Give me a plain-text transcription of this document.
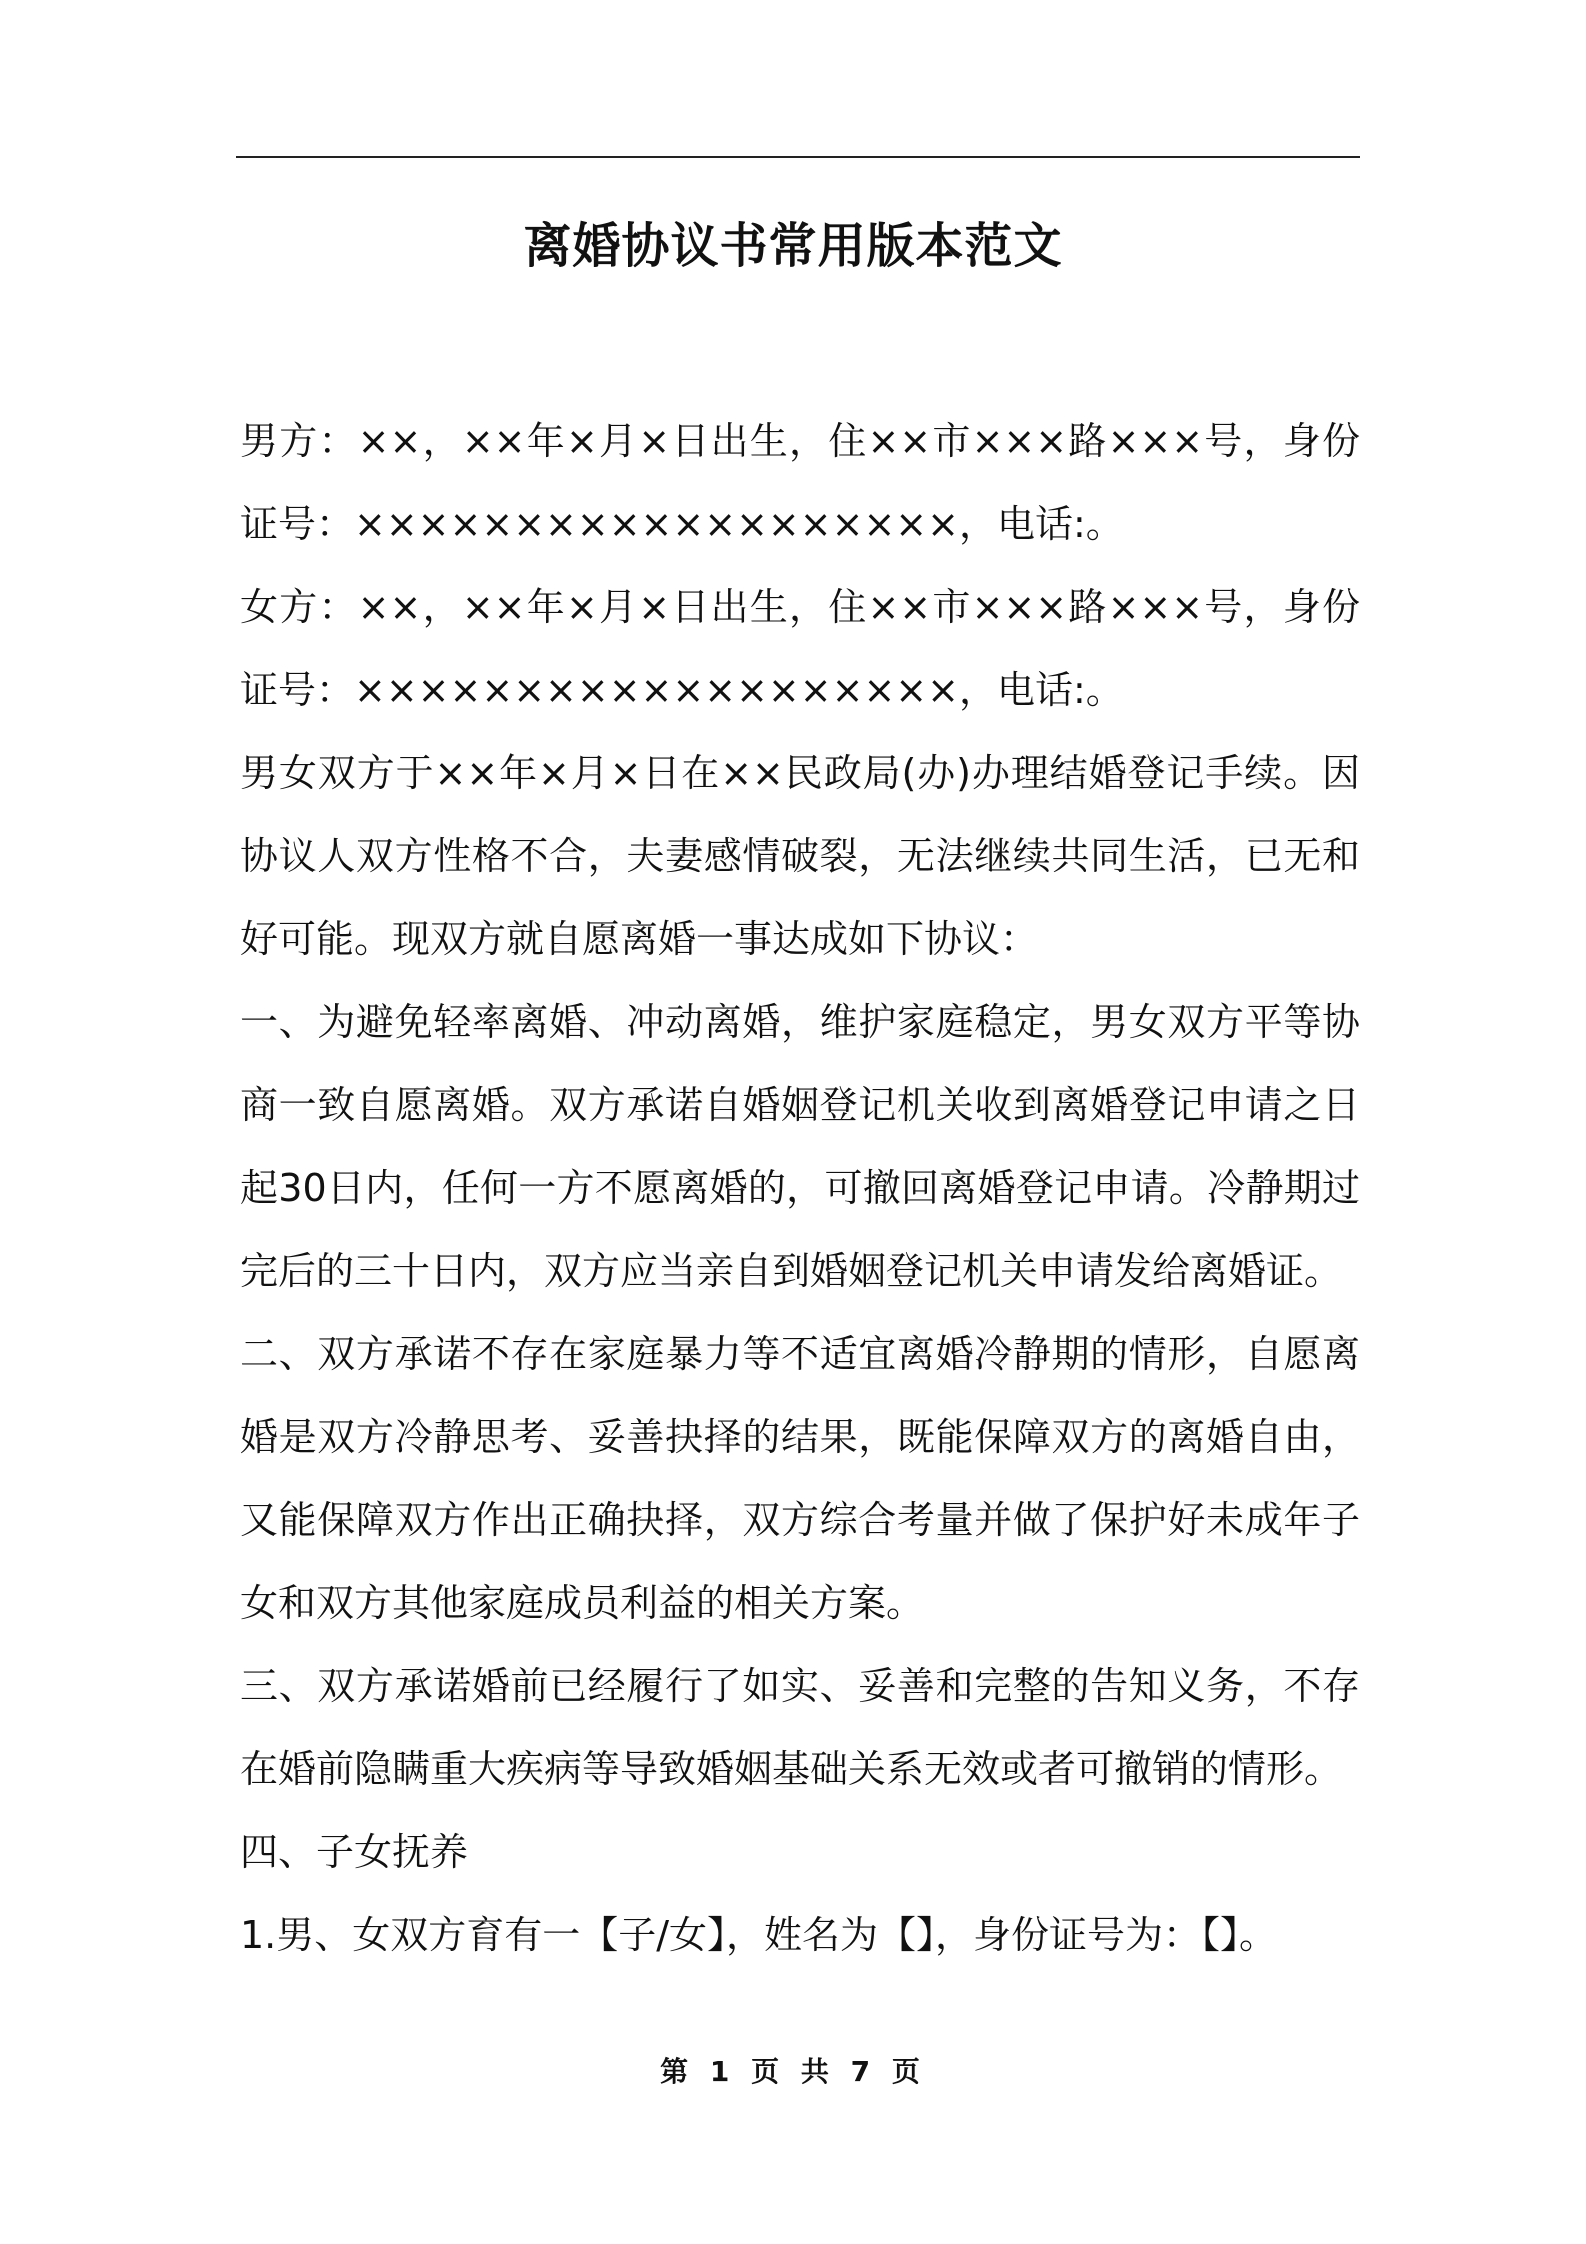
离婚协议书常用版本范文

男方：××，××年×月×日出生，住××市×××路×××号，身份证号：×××××××××××××××××××，电话:。

女方：××，××年×月×日出生，住××市×××路×××号，身份证号：×××××××××××××××××××，电话:。

男女双方于××年×月×日在××民政局(办)办理结婚登记手续。因协议人双方性格不合，夫妻感情破裂，无法继续共同生活，已无和好可能。现双方就自愿离婚一事达成如下协议：

一、为避免轻率离婚、冲动离婚，维护家庭稳定，男女双方平等协商一致自愿离婚。双方承诺自婚姻登记机关收到离婚登记申请之日起30日内，任何一方不愿离婚的，可撤回离婚登记申请。冷静期过完后的三十日内，双方应当亲自到婚姻登记机关申请发给离婚证。

二、双方承诺不存在家庭暴力等不适宜离婚冷静期的情形，自愿离婚是双方冷静思考、妥善抉择的结果，既能保障双方的离婚自由，又能保障双方作出正确抉择，双方综合考量并做了保护好未成年子女和双方其他家庭成员利益的相关方案。

三、双方承诺婚前已经履行了如实、妥善和完整的告知义务，不存在婚前隐瞒重大疾病等导致婚姻基础关系无效或者可撤销的情形。

四、子女抚养

1.男、女双方育有一【子/女】，姓名为【】，身份证号为：【】。

第 1 页 共 7 页
